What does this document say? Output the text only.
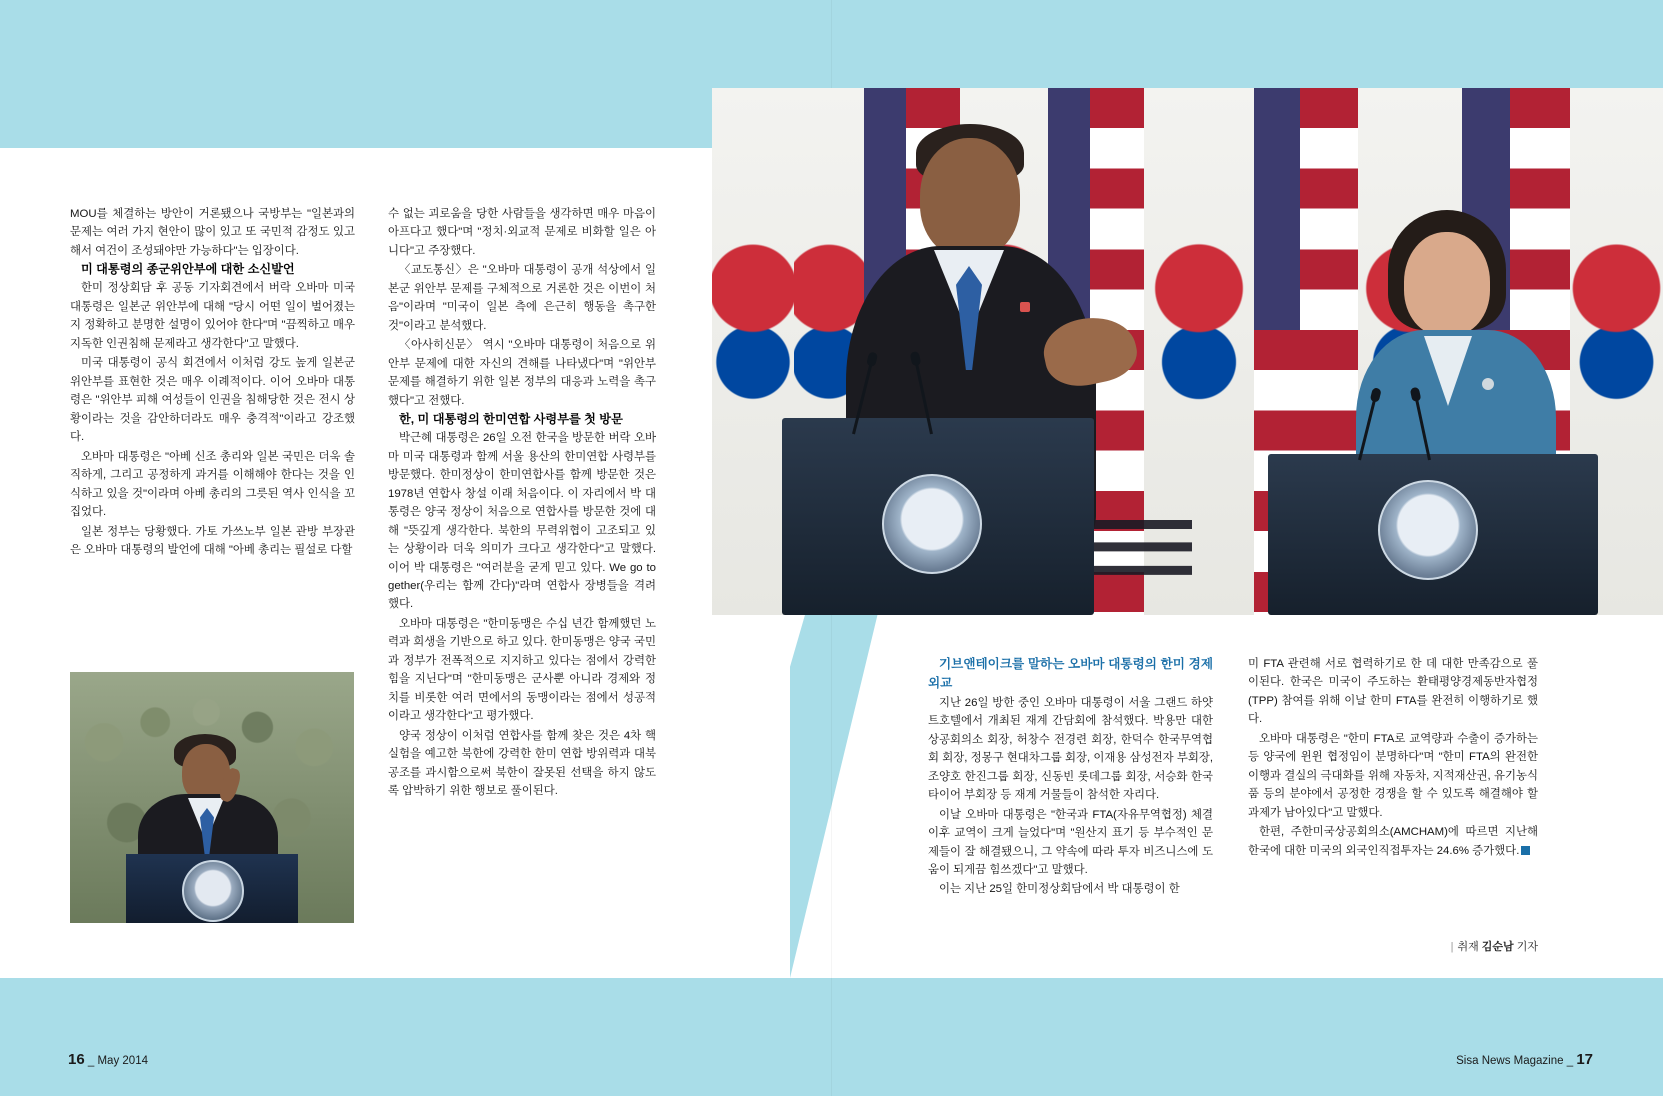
MOU를 체결하는 방안이 거론됐으나 국방부는 "일본과의 문제는 여러 가지 현안이 많이 있고 또 국민적 감정도 있고 해서 여건이 조성돼야만 가능하다"는 입장이다.

미 대통령의 종군위안부에 대한 소신발언

한미 정상회담 후 공동 기자회견에서 버락 오바마 미국 대통령은 일본군 위안부에 대해 "당시 어떤 일이 벌어졌는지 정확하고 분명한 설명이 있어야 한다"며 "끔찍하고 매우 지독한 인권침해 문제라고 생각한다"고 말했다.

미국 대통령이 공식 회견에서 이처럼 강도 높게 일본군 위안부를 표현한 것은 매우 이례적이다. 이어 오바마 대통령은 "위안부 피해 여성들이 인권을 침해당한 것은 전시 상황이라는 것을 감안하더라도 매우 충격적"이라고 강조했다.

오바마 대통령은 "아베 신조 총리와 일본 국민은 더욱 솔직하게, 그리고 공정하게 과거를 이해해야 한다는 것을 인식하고 있을 것"이라며 아베 총리의 그릇된 역사 인식을 꼬집었다.

일본 정부는 당황했다. 가토 가쓰노부 일본 관방 부장관은 오바마 대통령의 발언에 대해 "아베 총리는 필설로 다할

수 없는 괴로움을 당한 사람들을 생각하면 매우 마음이 아프다고 했다"며 "정치·외교적 문제로 비화할 일은 아니다"고 주장했다.

〈교도통신〉은 "오바마 대통령이 공개 석상에서 일본군 위안부 문제를 구체적으로 거론한 것은 이번이 처음"이라며 "미국이 일본 측에 은근히 행동을 촉구한 것"이라고 분석했다.

〈아사히신문〉 역시 "오바마 대통령이 처음으로 위안부 문제에 대한 자신의 견해를 나타냈다"며 "위안부 문제를 해결하기 위한 일본 정부의 대응과 노력을 촉구했다"고 전했다.

한, 미 대통령의 한미연합 사령부를 첫 방문

박근혜 대통령은 26일 오전 한국을 방문한 버락 오바마 미국 대통령과 함께 서울 용산의 한미연합 사령부를 방문했다. 한미정상이 한미연합사를 함께 방문한 것은 1978년 연합사 창설 이래 처음이다. 이 자리에서 박 대통령은 양국 정상이 처음으로 연합사를 방문한 것에 대해 "뜻깊게 생각한다. 북한의 무력위협이 고조되고 있는 상황이라 더욱 의미가 크다고 생각한다"고 말했다. 이어 박 대통령은 "여러분을 굳게 믿고 있다. We go together(우리는 함께 간다)"라며 연합사 장병들을 격려했다.

오바마 대통령은 "한미동맹은 수십 년간 함께했던 노력과 희생을 기반으로 하고 있다. 한미동맹은 양국 국민과 정부가 전폭적으로 지지하고 있다는 점에서 강력한 힘을 지닌다"며 "한미동맹은 군사뿐 아니라 경제와 정치를 비롯한 여러 면에서의 동맹이라는 점에서 성공적이라고 생각한다"고 평가했다.

양국 정상이 이처럼 연합사를 함께 찾은 것은 4차 핵실험을 예고한 북한에 강력한 한미 연합 방위력과 대북 공조를 과시함으로써 북한이 잘못된 선택을 하지 않도록 압박하기 위한 행보로 풀이된다.

기브앤테이크를 말하는 오바마 대통령의 한미 경제외교

지난 26일 방한 중인 오바마 대통령이 서울 그랜드 하얏트호텔에서 개최된 재계 간담회에 참석했다. 박용만 대한상공회의소 회장, 허창수 전경련 회장, 한덕수 한국무역협회 회장, 정몽구 현대차그룹 회장, 이재용 삼성전자 부회장, 조양호 한진그룹 회장, 신동빈 롯데그룹 회장, 서승화 한국타이어 부회장 등 재계 거물들이 참석한 자리다.

이날 오바마 대통령은 "한국과 FTA(자유무역협정) 체결 이후 교역이 크게 늘었다"며 "원산지 표기 등 부수적인 문제들이 잘 해결됐으니, 그 약속에 따라 투자 비즈니스에 도움이 되게끔 힘쓰겠다"고 말했다.

이는 지난 25일 한미정상회담에서 박 대통령이 한

미 FTA 관련해 서로 협력하기로 한 데 대한 만족감으로 풀이된다. 한국은 미국이 주도하는 환태평양경제동반자협정(TPP) 참여를 위해 이날 한미 FTA를 완전히 이행하기로 했다.

오바마 대통령은 "한미 FTA로 교역량과 수출이 증가하는 등 양국에 윈윈 협정임이 분명하다"며 "한미 FTA의 완전한 이행과 결실의 극대화를 위해 자동차, 지적재산권, 유기농식품 등의 분야에서 공정한 경쟁을 할 수 있도록 해결해야 할 과제가 남아있다"고 말했다.

한편, 주한미국상공회의소(AMCHAM)에 따르면 지난해 한국에 대한 미국의 외국인직접투자는 24.6% 증가했다. S

| 취재 김순남 기자
16 _ May 2014	Sisa News Magazine _ 17
